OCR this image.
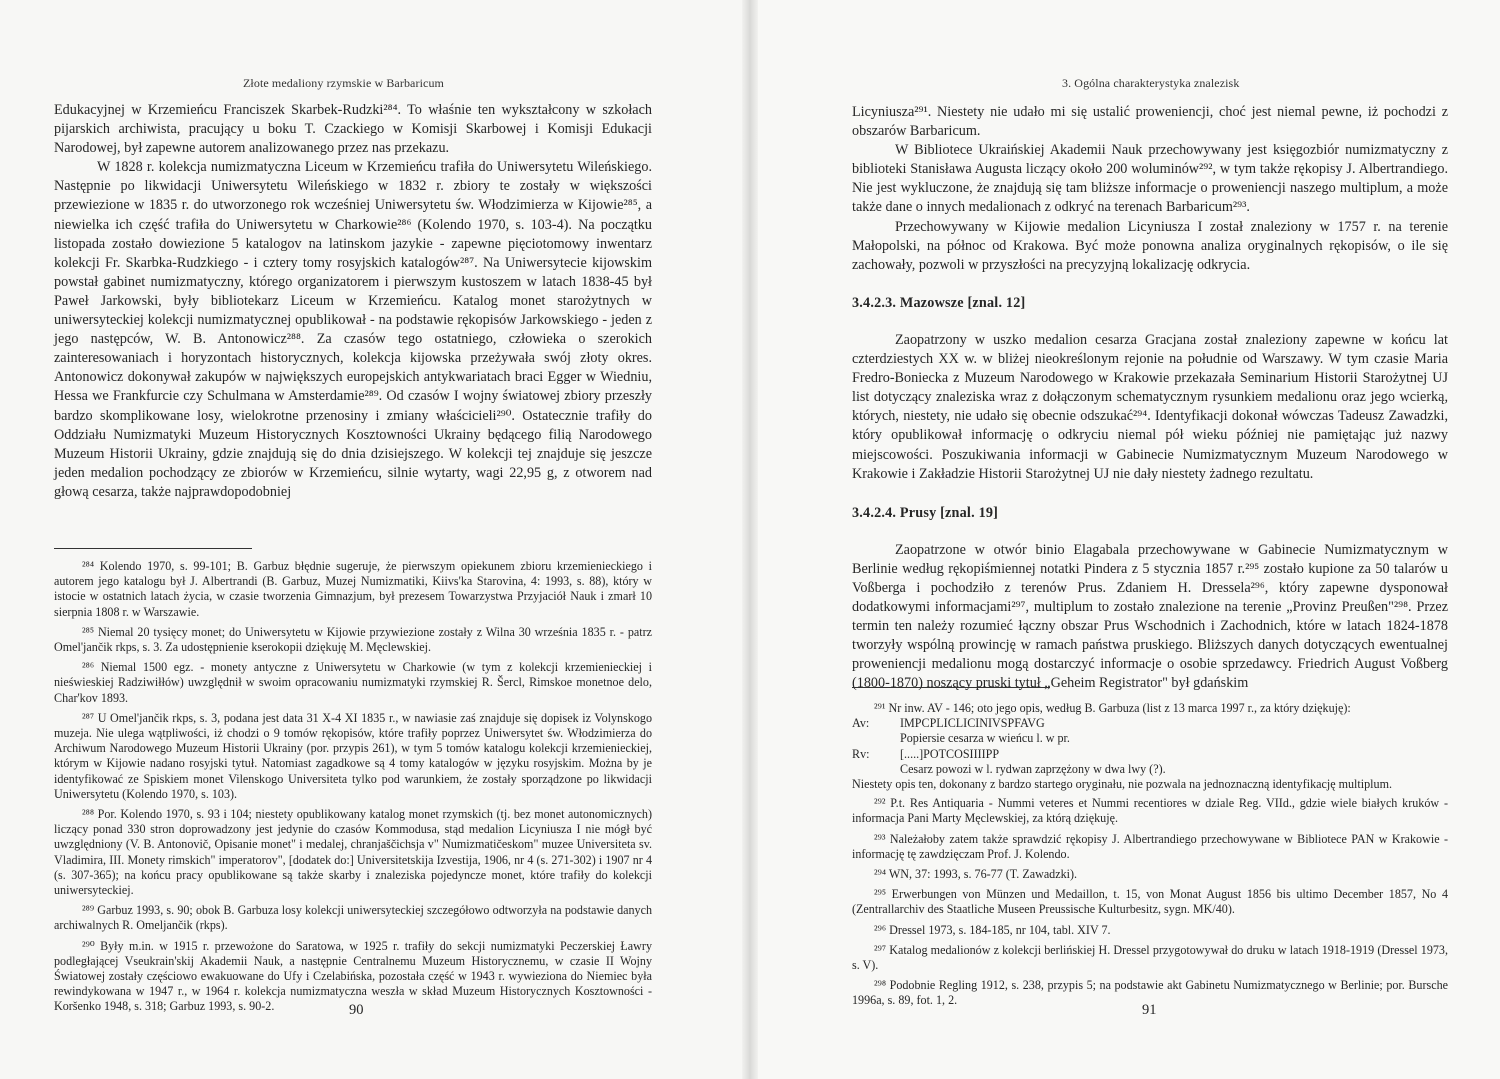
Złote medaliony rzymskie w Barbaricum

Edukacyjnej w Krzemieńcu Franciszek Skarbek-Rudzki²⁸⁴. To właśnie ten wykształcony w szkołach pijarskich archiwista, pracujący u boku T. Czackiego w Komisji Skarbowej i Komisji Edukacji Narodowej, był zapewne autorem analizowanego przez nas przekazu.

W 1828 r. kolekcja numizmatyczna Liceum w Krzemieńcu trafiła do Uniwersytetu Wileńskiego. Następnie po likwidacji Uniwersytetu Wileńskiego w 1832 r. zbiory te zostały w większości przewiezione w 1835 r. do utworzonego rok wcześniej Uniwersytetu św. Włodzimierza w Kijowie²⁸⁵, a niewielka ich część trafiła do Uniwersytetu w Charkowie²⁸⁶ (Kolendo 1970, s. 103-4). Na początku listopada zostało dowiezione 5 katalogov na latinskom jazykie - zapewne pięciotomowy inwentarz kolekcji Fr. Skarbka-Rudzkiego - i cztery tomy rosyjskich katalogów²⁸⁷. Na Uniwersytecie kijowskim powstał gabinet numizmatyczny, którego organizatorem i pierwszym kustoszem w latach 1838-45 był Paweł Jarkowski, były bibliotekarz Liceum w Krzemieńcu. Katalog monet starożytnych w uniwersyteckiej kolekcji numizmatycznej opublikował - na podstawie rękopisów Jarkowskiego - jeden z jego następców, W. B. Antonowicz²⁸⁸. Za czasów tego ostatniego, człowieka o szerokich zainteresowaniach i horyzontach historycznych, kolekcja kijowska przeżywała swój złoty okres. Antonowicz dokonywał zakupów w największych europejskich antykwariatach braci Egger w Wiedniu, Hessa we Frankfurcie czy Schulmana w Amsterdamie²⁸⁹. Od czasów I wojny światowej zbiory przeszły bardzo skomplikowane losy, wielokrotne przenosiny i zmiany właścicieli²⁹⁰. Ostatecznie trafiły do Oddziału Numizmatyki Muzeum Historycznych Kosztowności Ukrainy będącego filią Narodowego Muzeum Historii Ukrainy, gdzie znajdują się do dnia dzisiejszego. W kolekcji tej znajduje się jeszcze jeden medalion pochodzący ze zbiorów w Krzemieńcu, silnie wytarty, wagi 22,95 g, z otworem nad głową cesarza, także najprawdopodobniej

²⁸⁴ Kolendo 1970, s. 99-101; B. Garbuz błędnie sugeruje, że pierwszym opiekunem zbioru krzemienieckiego i autorem jego katalogu był J. Albertrandi (B. Garbuz, Muzej Numizmatiki, Kiivs'ka Starovina, 4: 1993, s. 88), który w istocie w ostatnich latach życia, w czasie tworzenia Gimnazjum, był prezesem Towarzystwa Przyjaciół Nauk i zmarł 10 sierpnia 1808 r. w Warszawie.

²⁸⁵ Niemal 20 tysięcy monet; do Uniwersytetu w Kijowie przywiezione zostały z Wilna 30 września 1835 r. - patrz Omel'jančik rkps, s. 3. Za udostępnienie kserokopii dziękuję M. Męclewskiej.

²⁸⁶ Niemal 1500 egz. - monety antyczne z Uniwersytetu w Charkowie (w tym z kolekcji krzemienieckiej i nieświeskiej Radziwiłłów) uwzględnił w swoim opracowaniu numizmatyki rzymskiej R. Šercl, Rimskoe monetnoe delo, Char'kov 1893.

²⁸⁷ U Omel'jančik rkps, s. 3, podana jest data 31 X-4 XI 1835 r., w nawiasie zaś znajduje się dopisek iz Volynskogo muzeja. Nie ulega wątpliwości, iż chodzi o 9 tomów rękopisów, które trafiły poprzez Uniwersytet św. Włodzimierza do Archiwum Narodowego Muzeum Historii Ukrainy (por. przypis 261), w tym 5 tomów katalogu kolekcji krzemienieckiej, którym w Kijowie nadano rosyjski tytuł. Natomiast zagadkowe są 4 tomy katalogów w języku rosyjskim. Można by je identyfikować ze Spiskiem monet Vilenskogo Universiteta tylko pod warunkiem, że zostały sporządzone po likwidacji Uniwersytetu (Kolendo 1970, s. 103).

²⁸⁸ Por. Kolendo 1970, s. 93 i 104; niestety opublikowany katalog monet rzymskich (tj. bez monet autonomicznych) liczący ponad 330 stron doprowadzony jest jedynie do czasów Kommodusa, stąd medalion Licyniusza I nie mógł być uwzględniony (V. B. Antonovič, Opisanie monet" i medalej, chranjaščichsja v" Numizmatičeskom" muzee Universiteta sv. Vladimira, III. Monety rimskich" imperatorov", [dodatek do:] Universitetskija Izvestija, 1906, nr 4 (s. 271-302) i 1907 nr 4 (s. 307-365); na końcu pracy opublikowane są także skarby i znaleziska pojedyncze monet, które trafiły do kolekcji uniwersyteckiej.

²⁸⁹ Garbuz 1993, s. 90; obok B. Garbuza losy kolekcji uniwersyteckiej szczegółowo odtworzyła na podstawie danych archiwalnych R. Omeljančik (rkps).

²⁹⁰ Były m.in. w 1915 r. przewożone do Saratowa, w 1925 r. trafiły do sekcji numizmatyki Peczerskiej Ławry podległającej Vseukrain'skij Akademii Nauk, a następnie Centralnemu Muzeum Historycznemu, w czasie II Wojny Światowej zostały częściowo ewakuowane do Ufy i Czelabińska, pozostała część w 1943 r. wywieziona do Niemiec była rewindykowana w 1947 r., w 1964 r. kolekcja numizmatyczna weszła w skład Muzeum Historycznych Kosztowności - Koršenko 1948, s. 318; Garbuz 1993, s. 90-2.	90
3. Ogólna charakterystyka znalezisk

Licyniusza²⁹¹. Niestety nie udało mi się ustalić proweniencji, choć jest niemal pewne, iż pochodzi z obszarów Barbaricum.

W Bibliotece Ukraińskiej Akademii Nauk przechowywany jest księgozbiór numizmatyczny z biblioteki Stanisława Augusta liczący około 200 woluminów²⁹², w tym także rękopisy J. Albertrandiego. Nie jest wykluczone, że znajdują się tam bliższe informacje o proweniencji naszego multiplum, a może także dane o innych medalionach z odkryć na terenach Barbaricum²⁹³.

Przechowywany w Kijowie medalion Licyniusza I został znaleziony w 1757 r. na terenie Małopolski, na północ od Krakowa. Być może ponowna analiza oryginalnych rękopisów, o ile się zachowały, pozwoli w przyszłości na precyzyjną lokalizację odkrycia.

3.4.2.3. Mazowsze [znal. 12]

Zaopatrzony w uszko medalion cesarza Gracjana został znaleziony zapewne w końcu lat czterdziestych XX w. w bliżej nieokreślonym rejonie na południe od Warszawy. W tym czasie Maria Fredro-Boniecka z Muzeum Narodowego w Krakowie przekazała Seminarium Historii Starożytnej UJ list dotyczący znaleziska wraz z dołączonym schematycznym rysunkiem medalionu oraz jego wcierką, których, niestety, nie udało się obecnie odszukać²⁹⁴. Identyfikacji dokonał wówczas Tadeusz Zawadzki, który opublikował informację o odkryciu niemal pół wieku później nie pamiętając już nazwy miejscowości. Poszukiwania informacji w Gabinecie Numizmatycznym Muzeum Narodowego w Krakowie i Zakładzie Historii Starożytnej UJ nie dały niestety żadnego rezultatu.

3.4.2.4. Prusy [znal. 19]

Zaopatrzone w otwór binio Elagabala przechowywane w Gabinecie Numizmatycznym w Berlinie według rękopiśmiennej notatki Pindera z 5 stycznia 1857 r.²⁹⁵ zostało kupione za 50 talarów u Voßberga i pochodziło z terenów Prus. Zdaniem H. Dressela²⁹⁶, który zapewne dysponował dodatkowymi informacjami²⁹⁷, multiplum to zostało znalezione na terenie „Provinz Preußen"²⁹⁸. Przez termin ten należy rozumieć łączny obszar Prus Wschodnich i Zachodnich, które w latach 1824-1878 tworzyły wspólną prowincję w ramach państwa pruskiego. Bliższych danych dotyczących ewentualnej proweniencji medalionu mogą dostarczyć informacje o osobie sprzedawcy. Friedrich August Voßberg (1800-1870) noszący pruski tytuł „Geheim Registrator" był gdańskim

²⁹¹ Nr inw. AV - 146; oto jego opis, według B. Garbuza (list z 13 marca 1997 r., za który dziękuję):

Av:	IMPCPLICLICINIVSPFAVG
Popiersie cesarza w wieńcu l. w pr.
Rv:	[.....]POTCOSIIIIPP
Cesarz powozi w l. rydwan zaprzężony w dwa lwy (?).

Niestety opis ten, dokonany z bardzo startego oryginału, nie pozwala na jednoznaczną identyfikację multiplum.

²⁹² P.t. Res Antiquaria - Nummi veteres et Nummi recentiores w dziale Reg. VIId., gdzie wiele białych kruków - informacja Pani Marty Męclewskiej, za którą dziękuję.

²⁹³ Należałoby zatem także sprawdzić rękopisy J. Albertrandiego przechowywane w Bibliotece PAN w Krakowie - informację tę zawdzięczam Prof. J. Kolendo.

²⁹⁴ WN, 37: 1993, s. 76-77 (T. Zawadzki).

²⁹⁵ Erwerbungen von Münzen und Medaillon, t. 15, von Monat August 1856 bis ultimo December 1857, No 4 (Zentrallarchiv des Staatliche Museen Preussische Kulturbesitz, sygn. MK/40).

²⁹⁶ Dressel 1973, s. 184-185, nr 104, tabl. XIV 7.

²⁹⁷ Katalog medalionów z kolekcji berlińskiej H. Dressel przygotowywał do druku w latach 1918-1919 (Dressel 1973, s. V).

²⁹⁸ Podobnie Regling 1912, s. 238, przypis 5; na podstawie akt Gabinetu Numizmatycznego w Berlinie; por. Bursche 1996a, s. 89, fot. 1, 2.

91
